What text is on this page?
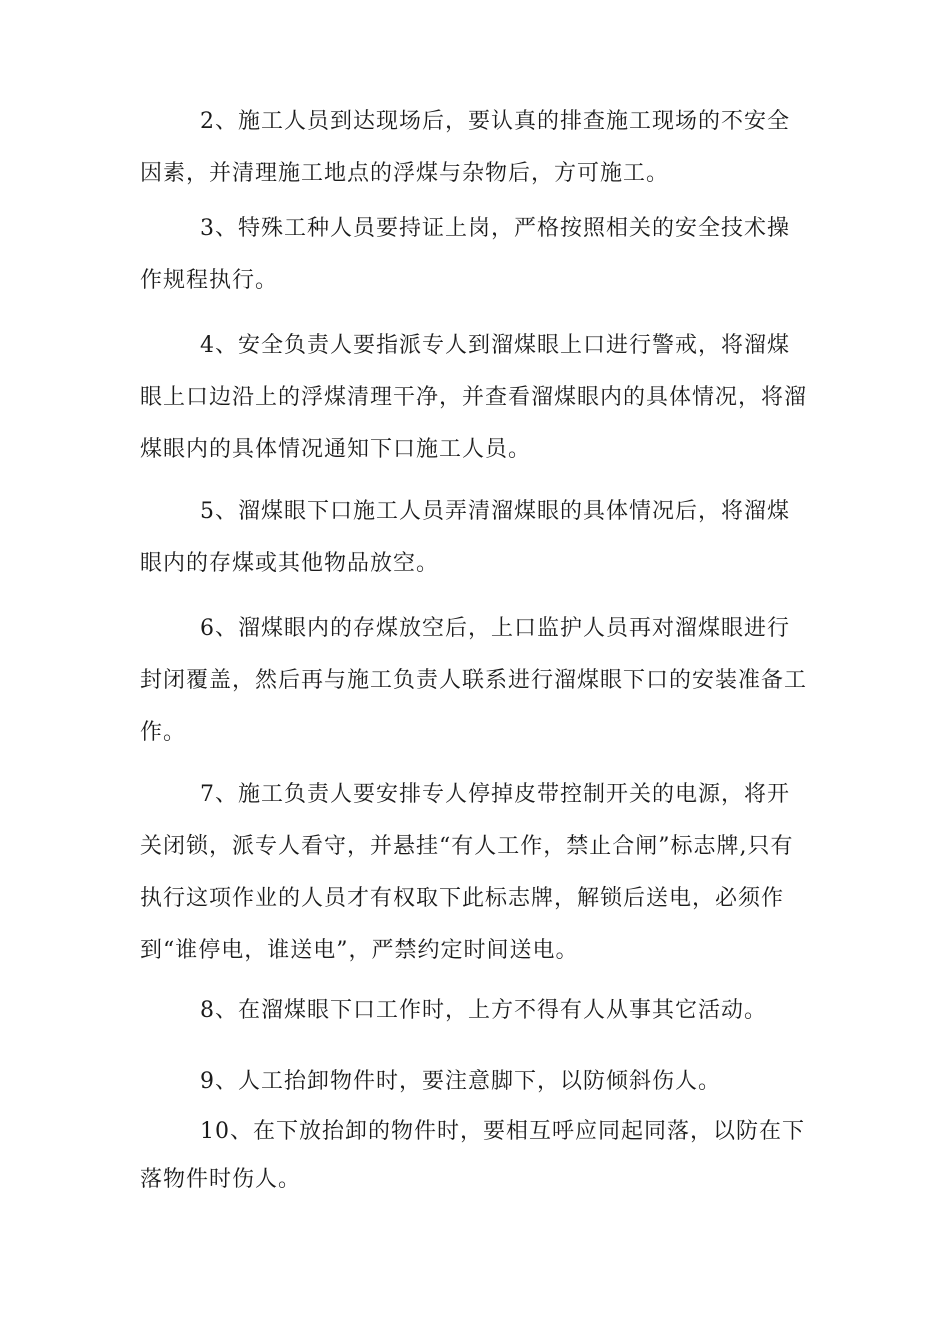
2、施工人员到达现场后，要认真的排查施工现场的不安全因素，并清理施工地点的浮煤与杂物后，方可施工。

3、特殊工种人员要持证上岗，严格按照相关的安全技术操作规程执行。

4、安全负责人要指派专人到溜煤眼上口进行警戒，将溜煤眼上口边沿上的浮煤清理干净，并查看溜煤眼内的具体情况，将溜煤眼内的具体情况通知下口施工人员。

5、溜煤眼下口施工人员弄清溜煤眼的具体情况后，将溜煤眼内的存煤或其他物品放空。

6、溜煤眼内的存煤放空后，上口监护人员再对溜煤眼进行封闭覆盖，然后再与施工负责人联系进行溜煤眼下口的安装准备工作。

7、施工负责人要安排专人停掉皮带控制开关的电源，将开关闭锁，派专人看守，并悬挂“有人工作，禁止合闸”标志牌,只有执行这项作业的人员才有权取下此标志牌，解锁后送电，必须作到“谁停电，谁送电”，严禁约定时间送电。

8、在溜煤眼下口工作时，上方不得有人从事其它活动。

9、人工抬卸物件时，要注意脚下，以防倾斜伤人。

10、在下放抬卸的物件时，要相互呼应同起同落，以防在下落物件时伤人。
